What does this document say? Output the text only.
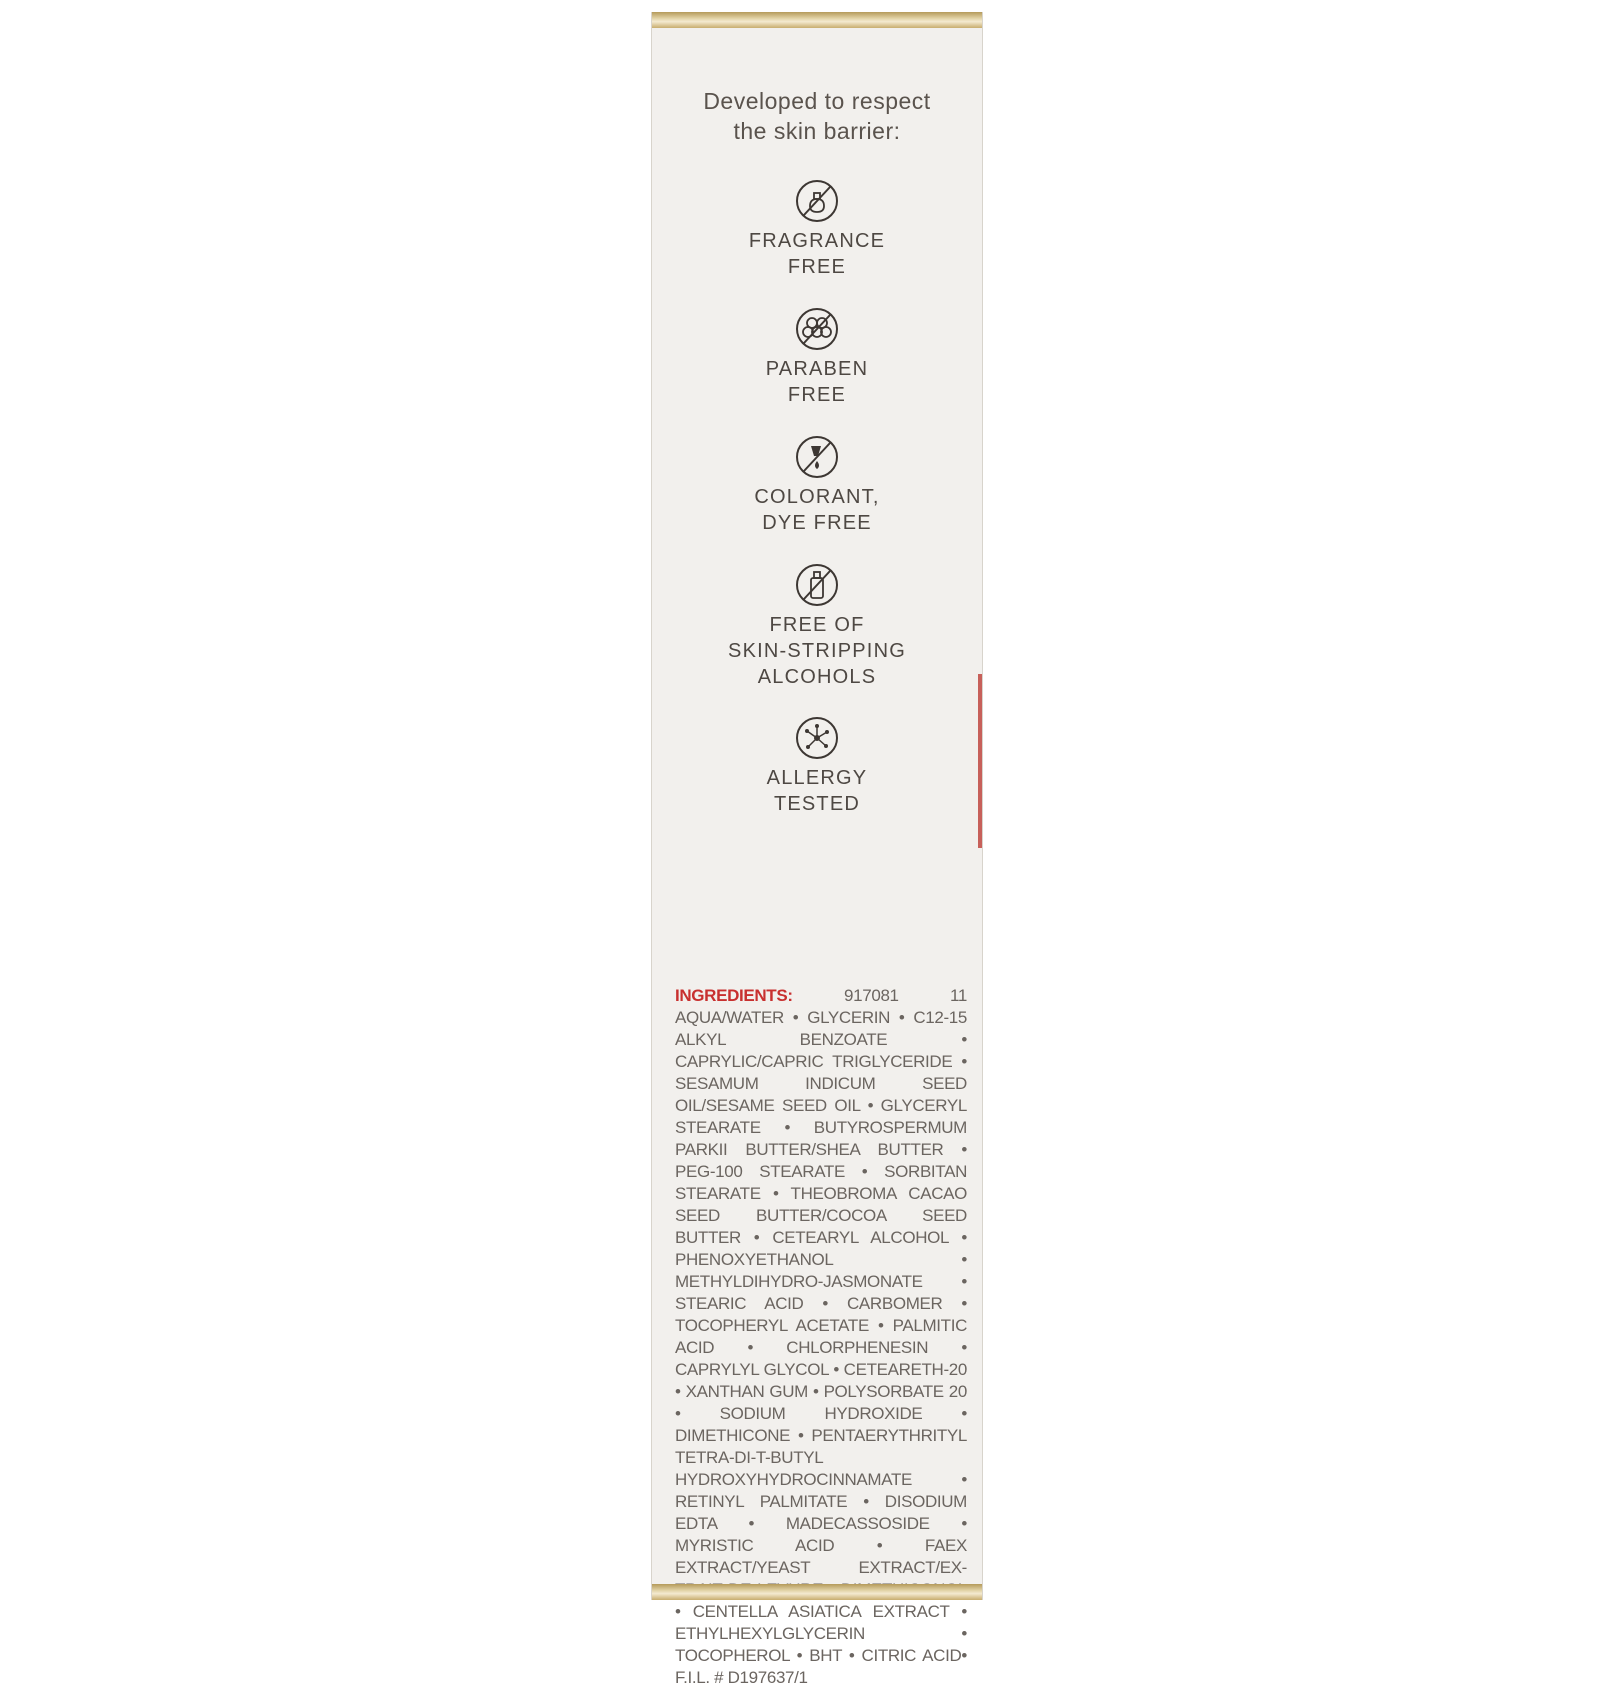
Developed to respect
the skin barrier:
FRAGRANCE
FREE
PARABEN
FREE
COLORANT,
DYE FREE
FREE OF
SKIN-STRIPPING
ALCOHOLS
ALLERGY
TESTED
INGREDIENTS:	917081 11 AQUA/WATER • GLYCERIN • C12-15 ALKYL BENZOATE • CAPRYLIC/CAPRIC TRIGLYCERIDE • SESAMUM INDICUM SEED OIL/SESAME SEED OIL • GLYCERYL STEARATE • BUTYROSPERMUM PARKII BUTTER/SHEA BUTTER • PEG-100 STEARATE • SORBITAN STEARATE • THEOBROMA CACAO SEED BUTTER/COCOA SEED BUTTER • CETEARYL ALCOHOL • PHENOXYETHANOL • METHYLDIHYDRO-JASMONATE • STEARIC ACID • CARBOMER • TOCOPHERYL ACETATE • PALMITIC ACID • CHLORPHENESIN • CAPRYLYL GLYCOL • CETEARETH-20 • XANTHAN GUM • POLYSORBATE 20 • SODIUM HYDROXIDE • DIMETHICONE • PENTAERYTHRITYL TETRA-DI-T-BUTYL HYDROXYHYDROCINNAMATE • RETINYL PALMITATE • DISODIUM EDTA • MADECASSOSIDE • MYRISTIC ACID • FAEX EXTRACT/YEAST EXTRACT/EX- • CENTELLA ASIATICA EXTRACT • ETHYLHEXYLGLYCERIN • TOCOPHEROL • BHT • CITRIC ACID• F.I.L. # D197637/1
